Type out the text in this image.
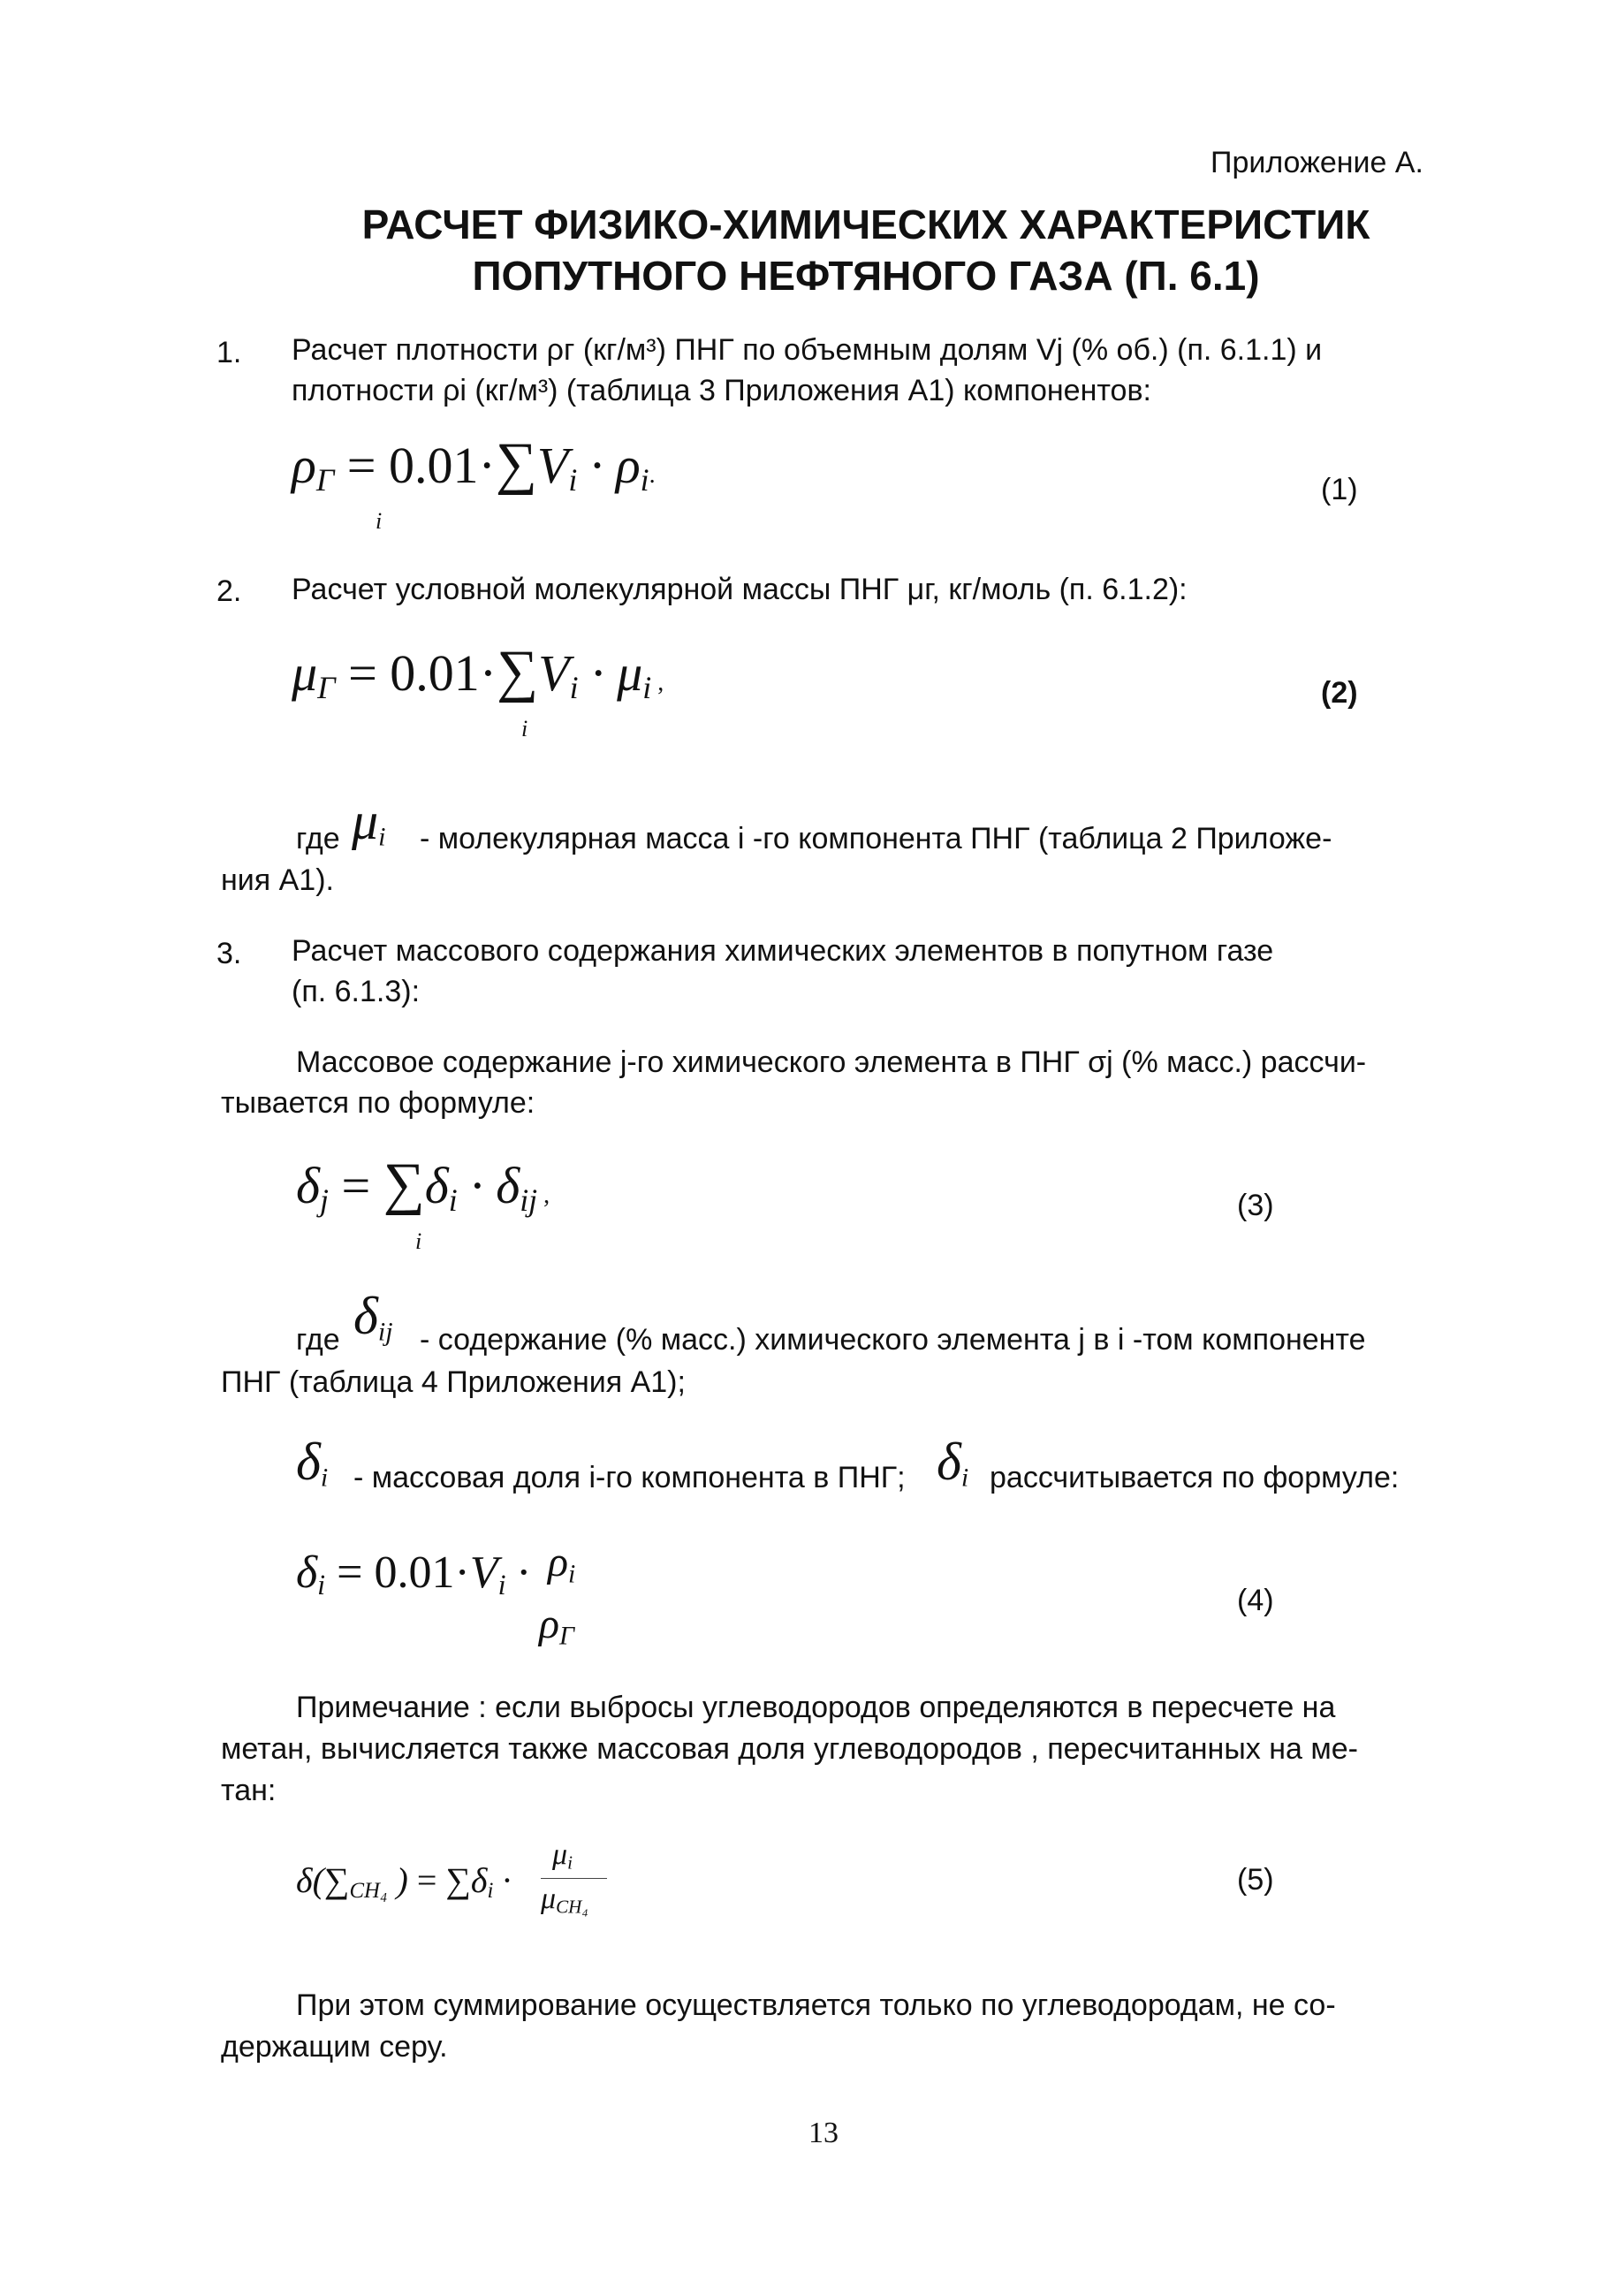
Приложение А.
РАСЧЕТ ФИЗИКО-ХИМИЧЕСКИХ ХАРАКТЕРИСТИК
ПОПУТНОГО НЕФТЯНОГО ГАЗА (П. 6.1)
1. Расчет плотности ρг (кг/м³) ПНГ по объемным долям Vj (% об.) (п. 6.1.1) и
плотности ρi (кг/м³) (таблица 3 Приложения А1) компонентов:
$\rho_Г = 0.01\cdot\sum V_i \cdot \rho_i$.
i
(1)
2. Расчет условной молекулярной массы ПНГ μг, кг/моль (п. 6.1.2):
$\mu_Г = 0.01\cdot\sum V_i \cdot \mu_i$ ,
i
(2)
где $\mu_i$ - молекулярная масса i -го компонента ПНГ (таблица 2 Приложе-
ния А1).
3. Расчет массового содержания химических элементов в попутном газе
(п. 6.1.3):
Массовое содержание j-го химического элемента в ПНГ σj (% масс.) рассчи-
тывается по формуле:
$\delta_j = \sum\delta_i \cdot \delta_{ij}$ ,
i
(3)
где $\delta_{ij}$ - содержание (% масс.) химического элемента j в i -том компоненте
ПНГ (таблица 4 Приложения А1);
$\delta_i$ - массовая доля i-го компонента в ПНГ; $\delta_i$ рассчитывается по формуле:
$\delta_i = 0.01\cdot V_i \cdot \rho_i$
$\rho_Г$
(4)
Примечание : если выбросы углеводородов определяются в пересчете на
метан, вычисляется также массовая доля углеводородов , пересчитанных на ме-
тан:
$\delta(\sum_{CH_4}$ ) = $\sum\delta_i$ ·
$\mu_i$
$\mu_{CH_4}$
(5)
При этом суммирование осуществляется только по углеводородам, не со-
держащим серу.
13
